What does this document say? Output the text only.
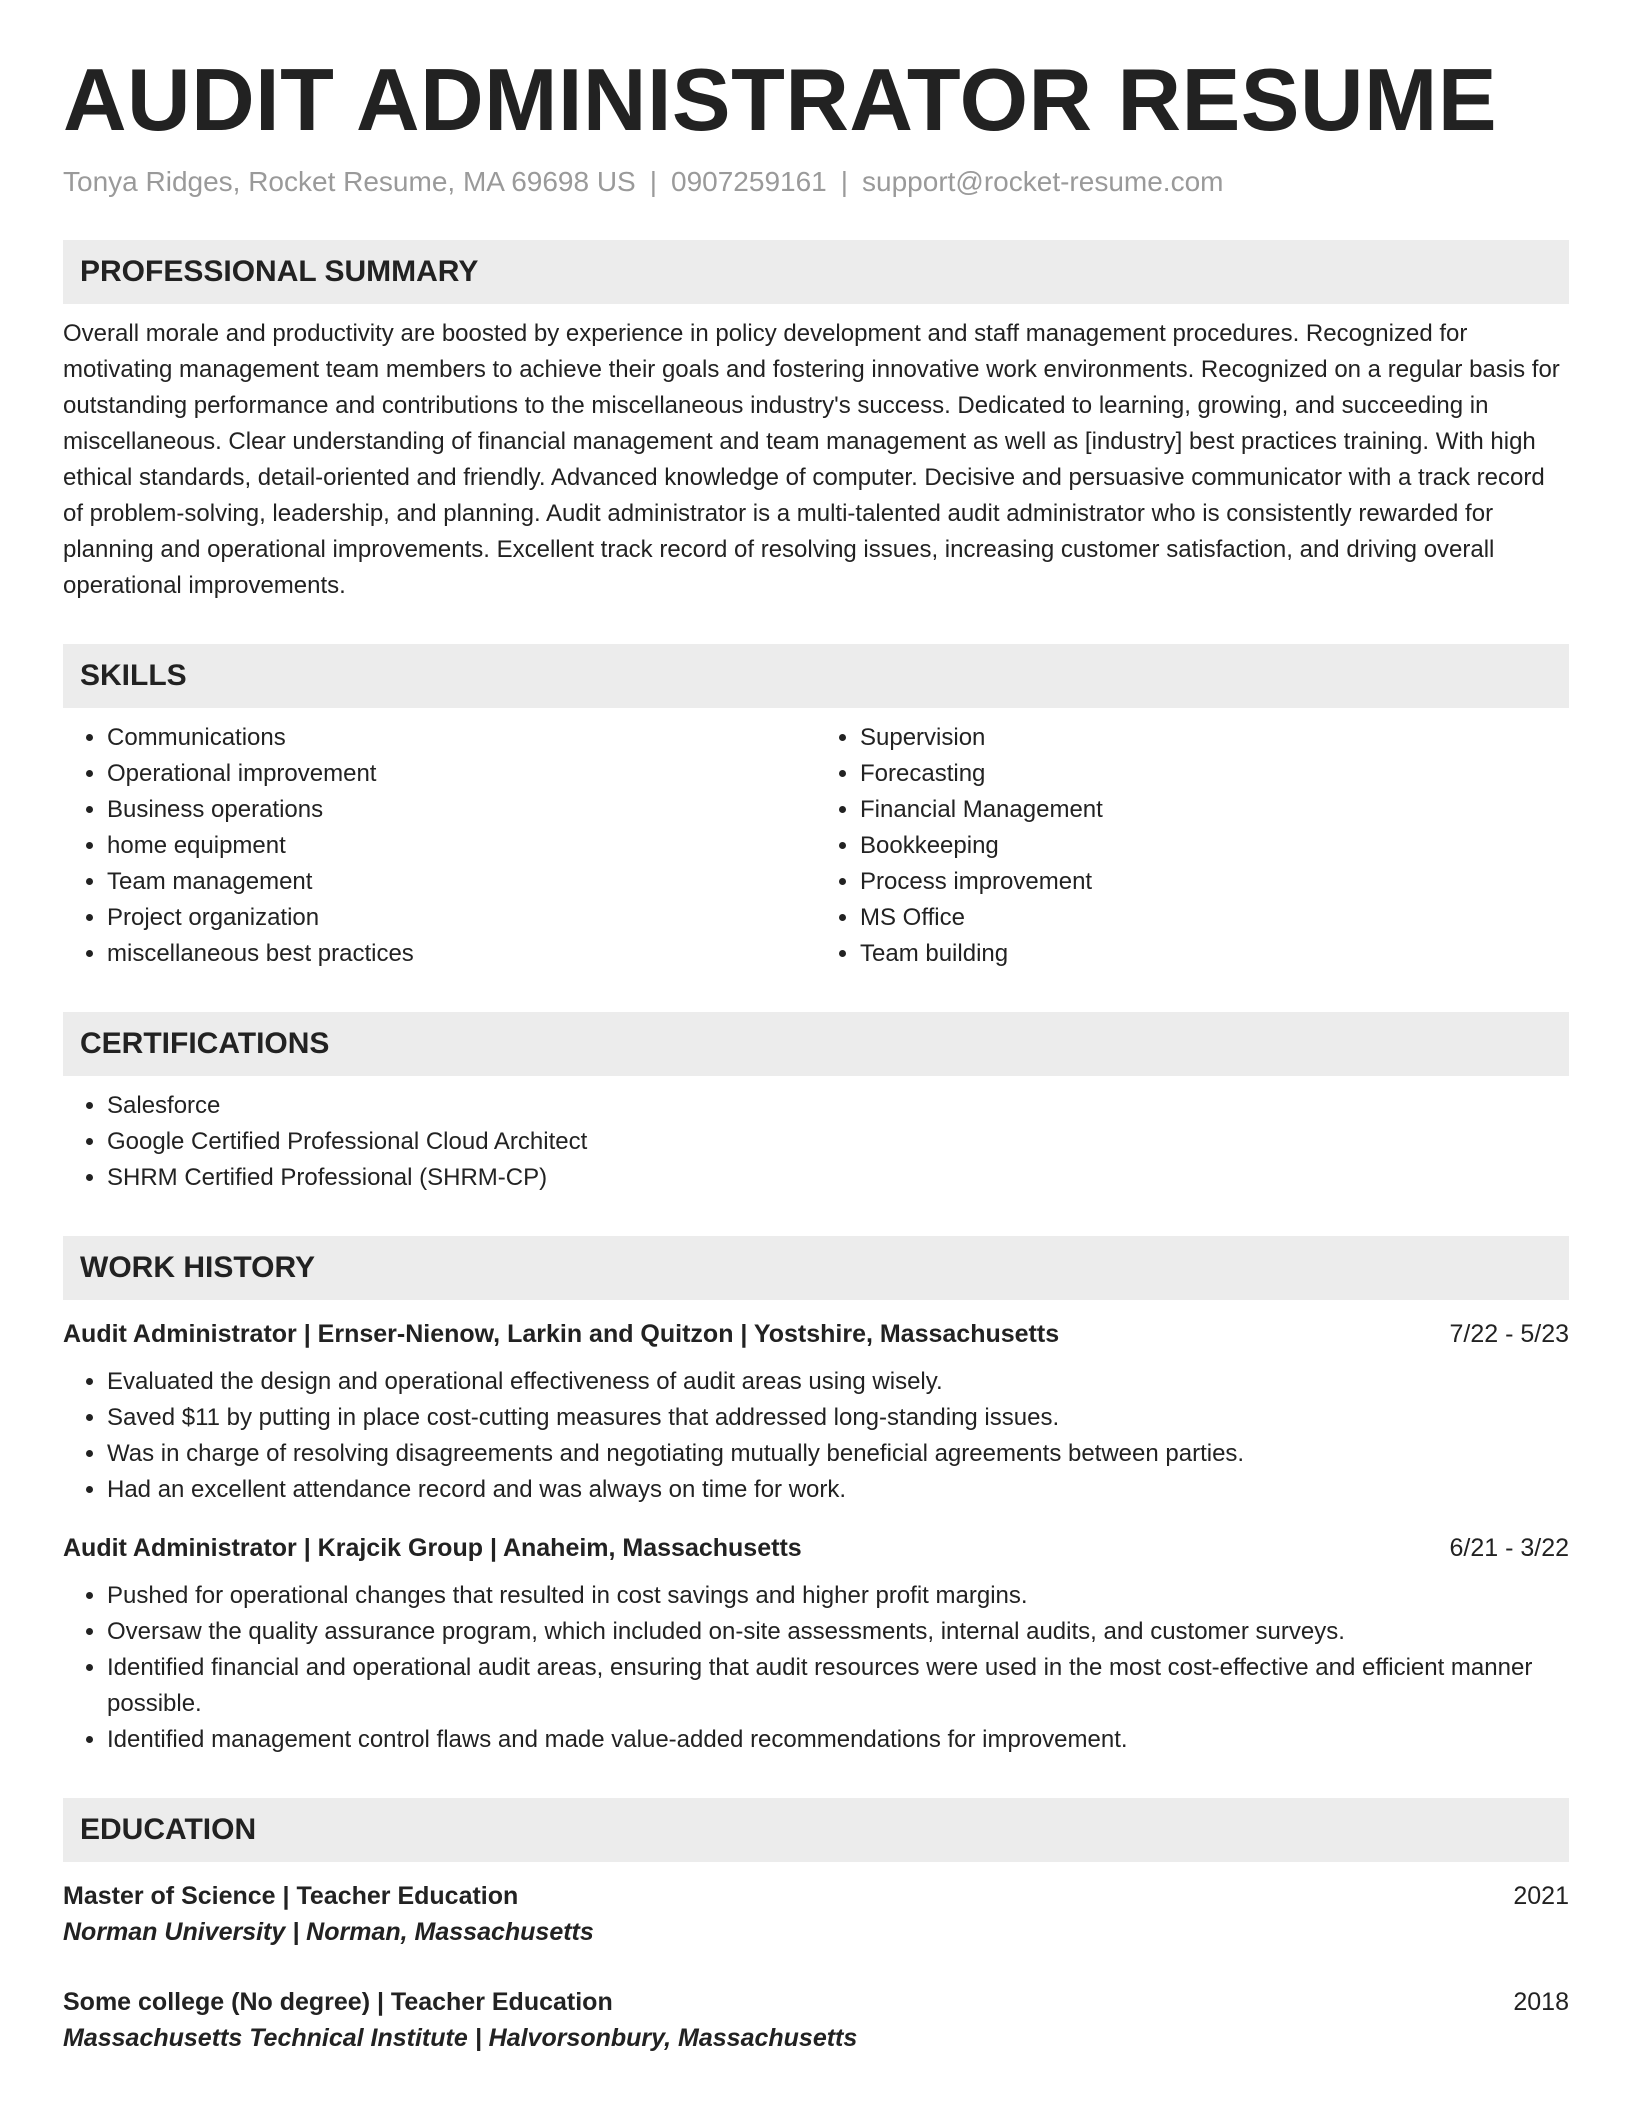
AUDIT ADMINISTRATOR RESUME
Tonya Ridges, Rocket Resume, MA 69698 US | 0907259161 | support@rocket-resume.com
PROFESSIONAL SUMMARY
Overall morale and productivity are boosted by experience in policy development and staff management procedures. Recognized for motivating management team members to achieve their goals and fostering innovative work environments. Recognized on a regular basis for outstanding performance and contributions to the miscellaneous industry's success. Dedicated to learning, growing, and succeeding in miscellaneous. Clear understanding of financial management and team management as well as [industry] best practices training. With high ethical standards, detail-oriented and friendly. Advanced knowledge of computer. Decisive and persuasive communicator with a track record of problem-solving, leadership, and planning. Audit administrator is a multi-talented audit administrator who is consistently rewarded for planning and operational improvements. Excellent track record of resolving issues, increasing customer satisfaction, and driving overall operational improvements.
SKILLS
• Communications
• Operational improvement
• Business operations
• home equipment
• Team management
• Project organization
• miscellaneous best practices
• Supervision
• Forecasting
• Financial Management
• Bookkeeping
• Process improvement
• MS Office
• Team building
CERTIFICATIONS
• Salesforce
• Google Certified Professional Cloud Architect
• SHRM Certified Professional (SHRM-CP)
WORK HISTORY
Audit Administrator | Ernser-Nienow, Larkin and Quitzon | Yostshire, Massachusetts	7/22 - 5/23
• Evaluated the design and operational effectiveness of audit areas using wisely.
• Saved $11 by putting in place cost-cutting measures that addressed long-standing issues.
• Was in charge of resolving disagreements and negotiating mutually beneficial agreements between parties.
• Had an excellent attendance record and was always on time for work.
Audit Administrator | Krajcik Group | Anaheim, Massachusetts	6/21 - 3/22
• Pushed for operational changes that resulted in cost savings and higher profit margins.
• Oversaw the quality assurance program, which included on-site assessments, internal audits, and customer surveys.
• Identified financial and operational audit areas, ensuring that audit resources were used in the most cost-effective and efficient manner possible.
• Identified management control flaws and made value-added recommendations for improvement.
EDUCATION
Master of Science | Teacher Education	2021
Norman University | Norman, Massachusetts
Some college (No degree) | Teacher Education	2018
Massachusetts Technical Institute | Halvorsonbury, Massachusetts
